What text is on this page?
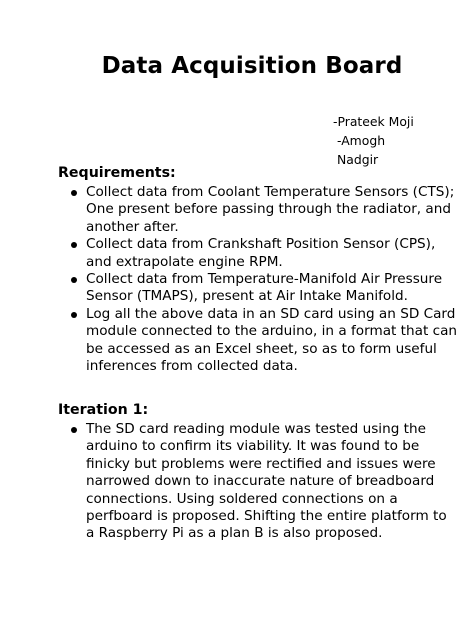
Data Acquisition Board
-Prateek Moji
-Amogh Nadgir

Requirements:

Collect data from Coolant Temperature Sensors (CTS); One present before passing through the radiator, and another after.
Collect data from Crankshaft Position Sensor (CPS), and extrapolate engine RPM.
Collect data from Temperature-Manifold Air Pressure Sensor (TMAPS), present at Air Intake Manifold.
Log all the above data in an SD card using an SD Card module connected to the arduino, in a format that can be accessed as an Excel sheet, so as to form useful inferences from collected data.

Iteration 1:

The SD card reading module was tested using the arduino to confirm its viability. It was found to be finicky but problems were rectified and issues were narrowed down to inaccurate nature of breadboard connections. Using soldered connections on a perfboard is proposed. Shifting the entire platform to a Raspberry Pi as a plan B is also proposed.
